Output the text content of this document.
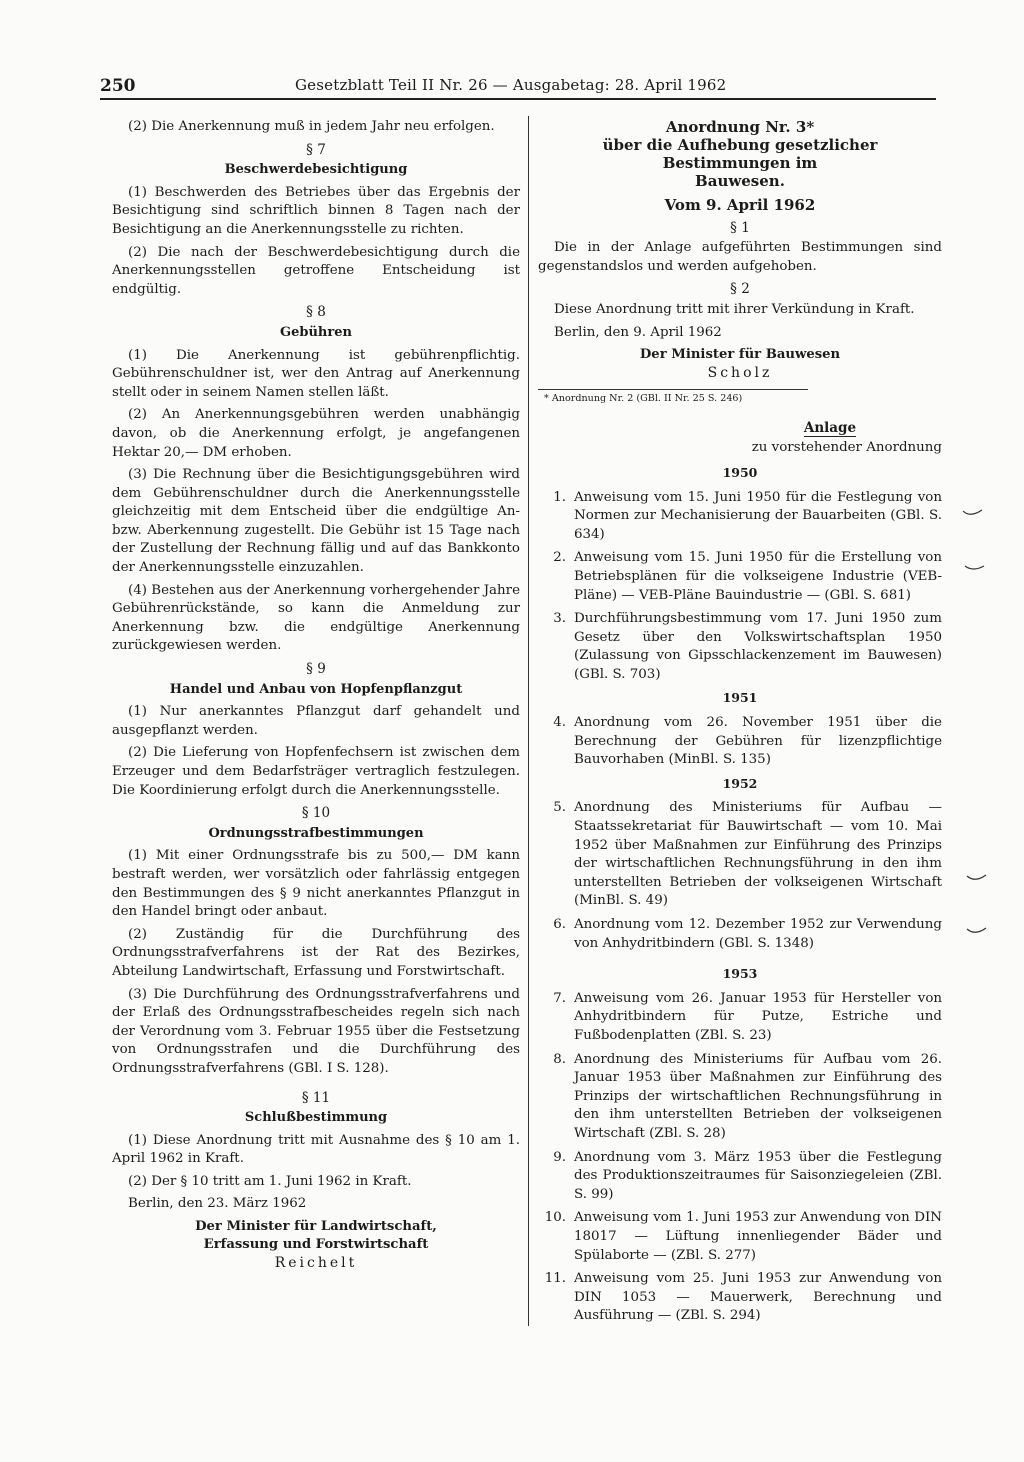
250	Gesetzblatt Teil II Nr. 26 — Ausgabetag: 28. April 1962

(2) Die Anerkennung muß in jedem Jahr neu erfolgen.

§ 7
Beschwerdebesichtigung

(1) Beschwerden des Betriebes über das Ergebnis der Besichtigung sind schriftlich binnen 8 Tagen nach der Besichtigung an die Anerkennungsstelle zu richten.

(2) Die nach der Beschwerdebesichtigung durch die Anerkennungsstellen getroffene Entscheidung ist endgültig.

§ 8
Gebühren

(1) Die Anerkennung ist gebührenpflichtig. Gebührenschuldner ist, wer den Antrag auf Anerkennung stellt oder in seinem Namen stellen läßt.

(2) An Anerkennungsgebühren werden unabhängig davon, ob die Anerkennung erfolgt, je angefangenen Hektar 20,— DM erhoben.

(3) Die Rechnung über die Besichtigungsgebühren wird dem Gebührenschuldner durch die Anerkennungsstelle gleichzeitig mit dem Entscheid über die endgültige An- bzw. Aberkennung zugestellt. Die Gebühr ist 15 Tage nach der Zustellung der Rechnung fällig und auf das Bankkonto der Anerkennungsstelle einzuzahlen.

(4) Bestehen aus der Anerkennung vorhergehender Jahre Gebührenrückstände, so kann die Anmeldung zur Anerkennung bzw. die endgültige Anerkennung zurückgewiesen werden.

§ 9
Handel und Anbau von Hopfenpflanzgut

(1) Nur anerkanntes Pflanzgut darf gehandelt und ausgepflanzt werden.

(2) Die Lieferung von Hopfenfechsern ist zwischen dem Erzeuger und dem Bedarfsträger vertraglich festzulegen. Die Koordinierung erfolgt durch die Anerkennungsstelle.

§ 10
Ordnungsstrafbestimmungen

(1) Mit einer Ordnungsstrafe bis zu 500,— DM kann bestraft werden, wer vorsätzlich oder fahrlässig entgegen den Bestimmungen des § 9 nicht anerkanntes Pflanzgut in den Handel bringt oder anbaut.

(2) Zuständig für die Durchführung des Ordnungsstrafverfahrens ist der Rat des Bezirkes, Abteilung Landwirtschaft, Erfassung und Forstwirtschaft.

(3) Die Durchführung des Ordnungsstrafverfahrens und der Erlaß des Ordnungsstrafbescheides regeln sich nach der Verordnung vom 3. Februar 1955 über die Festsetzung von Ordnungsstrafen und die Durchführung des Ordnungsstrafverfahrens (GBl. I S. 128).

§ 11
Schlußbestimmung

(1) Diese Anordnung tritt mit Ausnahme des § 10 am 1. April 1962 in Kraft.

(2) Der § 10 tritt am 1. Juni 1962 in Kraft.

Berlin, den 23. März 1962

Der Minister für Landwirtschaft,
Erfassung und Forstwirtschaft
Reichelt
Anordnung Nr. 3*
über die Aufhebung gesetzlicher Bestimmungen im
Bauwesen.
Vom 9. April 1962
§ 1

Die in der Anlage aufgeführten Bestimmungen sind gegenstandslos und werden aufgehoben.

§ 2

Diese Anordnung tritt mit ihrer Verkündung in Kraft.

Berlin, den 9. April 1962

Der Minister für Bauwesen
Scholz
* Anordnung Nr. 2 (GBl. II Nr. 25 S. 246)
Anlage
zu vorstehender Anordnung
1950
1. Anweisung vom 15. Juni 1950 für die Festlegung von Normen zur Mechanisierung der Bauarbeiten (GBl. S. 634)
2. Anweisung vom 15. Juni 1950 für die Erstellung von Betriebsplänen für die volkseigene Industrie (VEB-Pläne) — VEB-Pläne Bauindustrie — (GBl. S. 681)
3. Durchführungsbestimmung vom 17. Juni 1950 zum Gesetz über den Volkswirtschaftsplan 1950 (Zulassung von Gipsschlackenzement im Bauwesen) (GBl. S. 703)
1951
4. Anordnung vom 26. November 1951 über die Berechnung der Gebühren für lizenzpflichtige Bauvorhaben (MinBl. S. 135)
1952
5. Anordnung des Ministeriums für Aufbau — Staatssekretariat für Bauwirtschaft — vom 10. Mai 1952 über Maßnahmen zur Einführung des Prinzips der wirtschaftlichen Rechnungsführung in den ihm unterstellten Betrieben der volkseigenen Wirtschaft (MinBl. S. 49)
6. Anordnung vom 12. Dezember 1952 zur Verwendung von Anhydritbindern (GBl. S. 1348)
1953
7. Anweisung vom 26. Januar 1953 für Hersteller von Anhydritbindern für Putze, Estriche und Fußbodenplatten (ZBl. S. 23)
8. Anordnung des Ministeriums für Aufbau vom 26. Januar 1953 über Maßnahmen zur Einführung des Prinzips der wirtschaftlichen Rechnungsführung in den ihm unterstellten Betrieben der volkseigenen Wirtschaft (ZBl. S. 28)
9. Anordnung vom 3. März 1953 über die Festlegung des Produktionszeitraumes für Saisonziegeleien (ZBl. S. 99)
10. Anweisung vom 1. Juni 1953 zur Anwendung von DIN 18017 — Lüftung innenliegender Bäder und Spülaborte — (ZBl. S. 277)
11. Anweisung vom 25. Juni 1953 zur Anwendung von DIN 1053 — Mauerwerk, Berechnung und Ausführung — (ZBl. S. 294)
